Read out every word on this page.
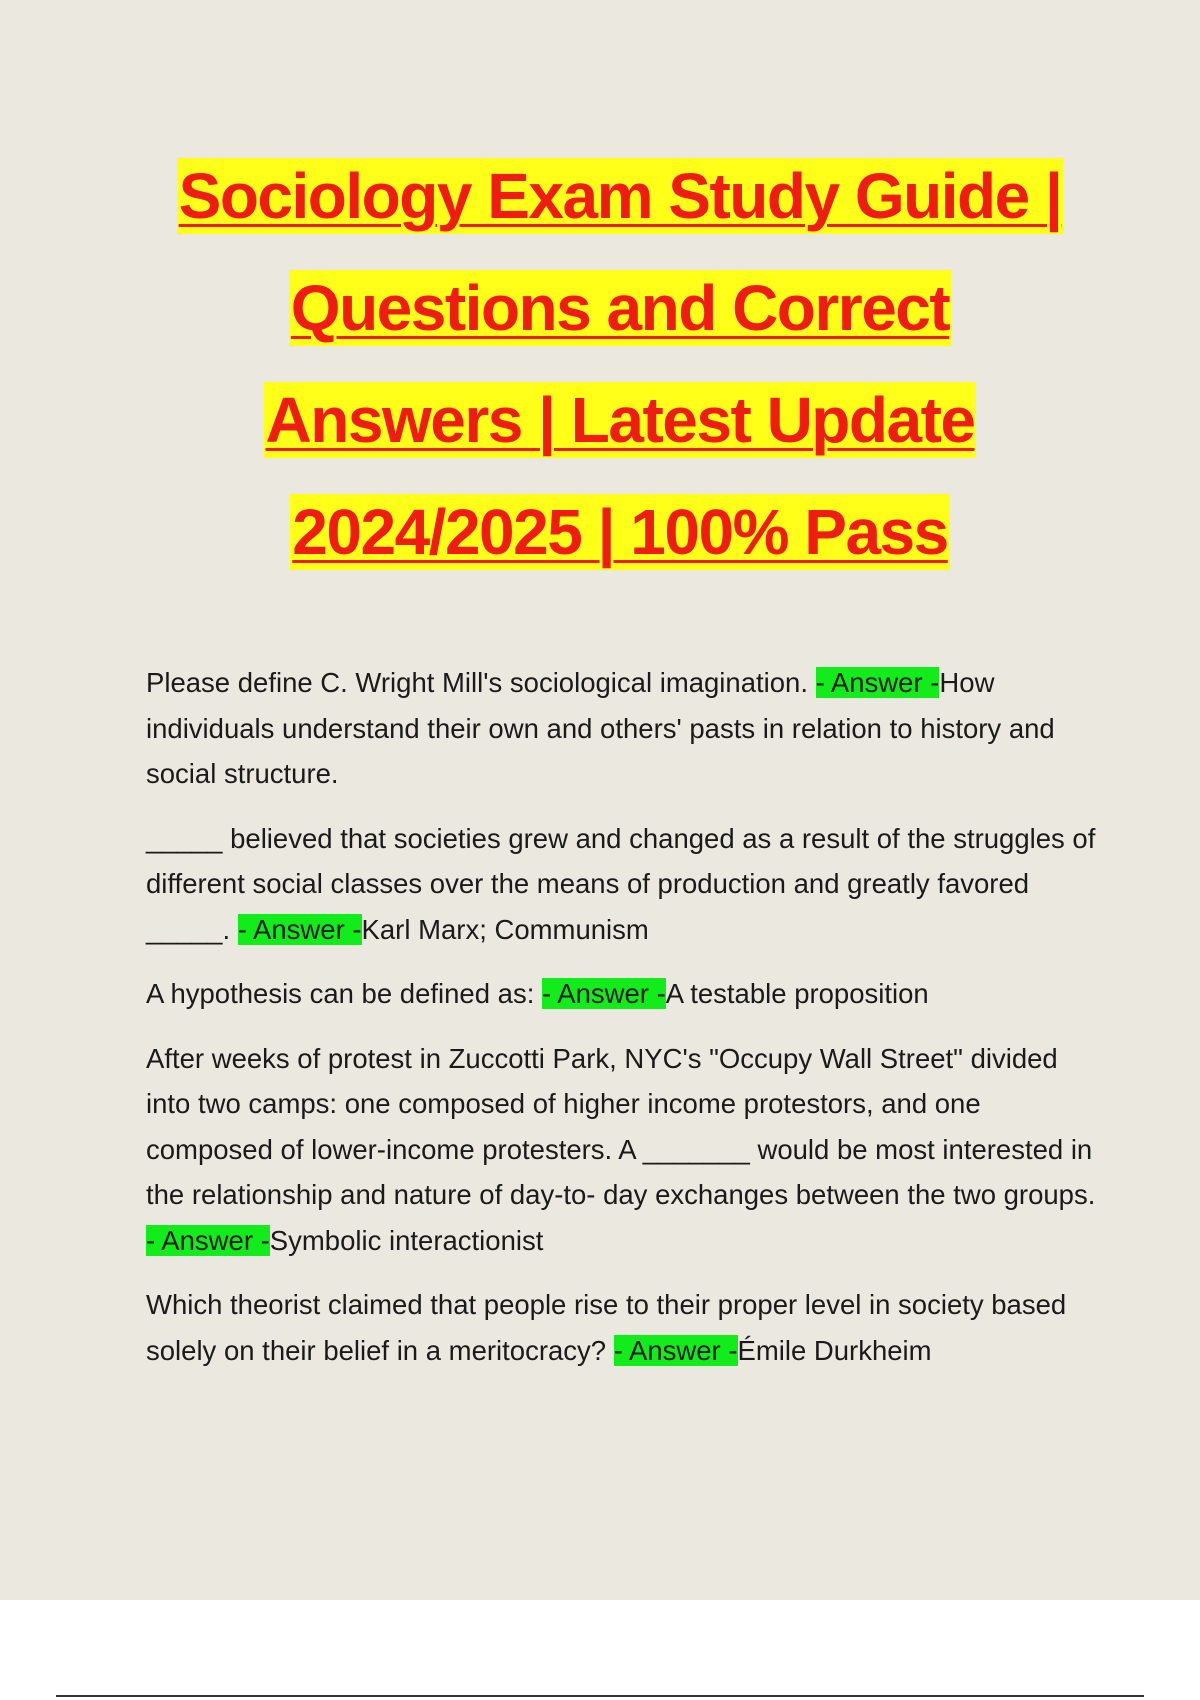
Sociology Exam Study Guide |
Questions and Correct
Answers | Latest Update
2024/2025 | 100% Pass

Please define C. Wright Mill's sociological imagination. - Answer -How individuals understand their own and others' pasts in relation to history and social structure.

_____ believed that societies grew and changed as a result of the struggles of different social classes over the means of production and greatly favored _____. - Answer -Karl Marx; Communism

A hypothesis can be defined as: - Answer -A testable proposition

After weeks of protest in Zuccotti Park, NYC's "Occupy Wall Street" divided into two camps: one composed of higher income protestors, and one composed of lower-income protesters. A _______ would be most interested in the relationship and nature of day-to- day exchanges between the two groups. - Answer -Symbolic interactionist

Which theorist claimed that people rise to their proper level in society based solely on their belief in a meritocracy? - Answer -Émile Durkheim
